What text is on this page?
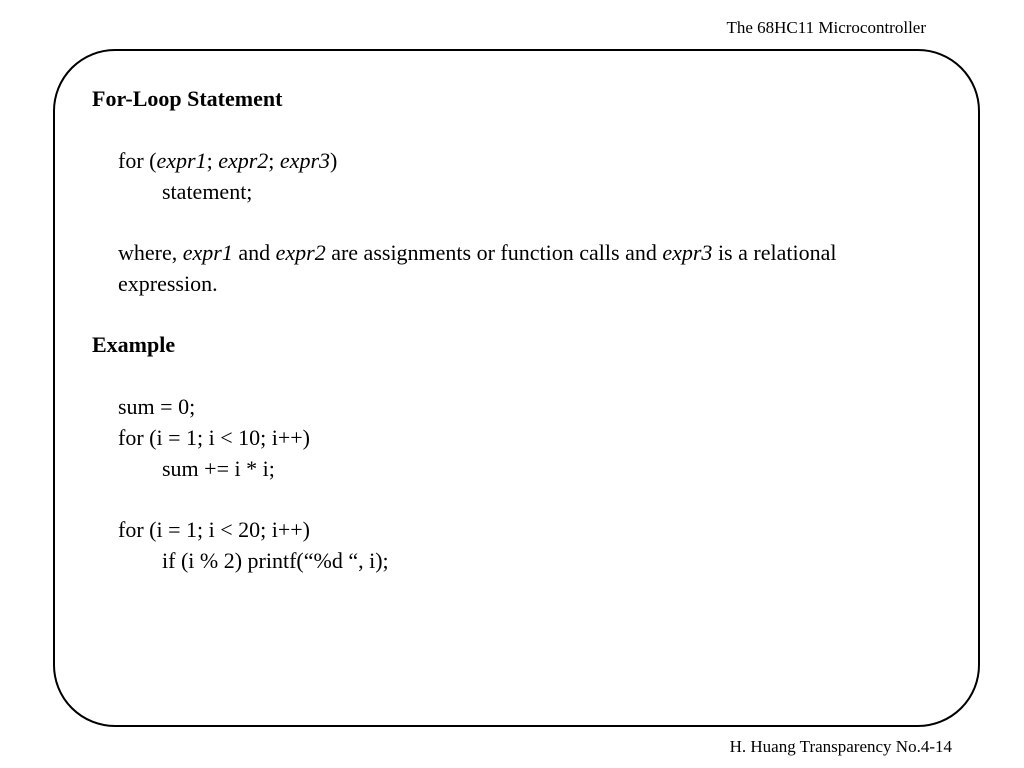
The 68HC11 Microcontroller
For-Loop Statement
for (expr1; expr2; expr3)
statement;
where, expr1 and expr2 are assignments or function calls and expr3 is a relational
expression.
Example
sum = 0;
for (i = 1; i < 10; i++)
sum += i * i;
for (i = 1; i < 20; i++)
if (i % 2) printf(“%d “, i);
H. Huang Transparency No.4-14
